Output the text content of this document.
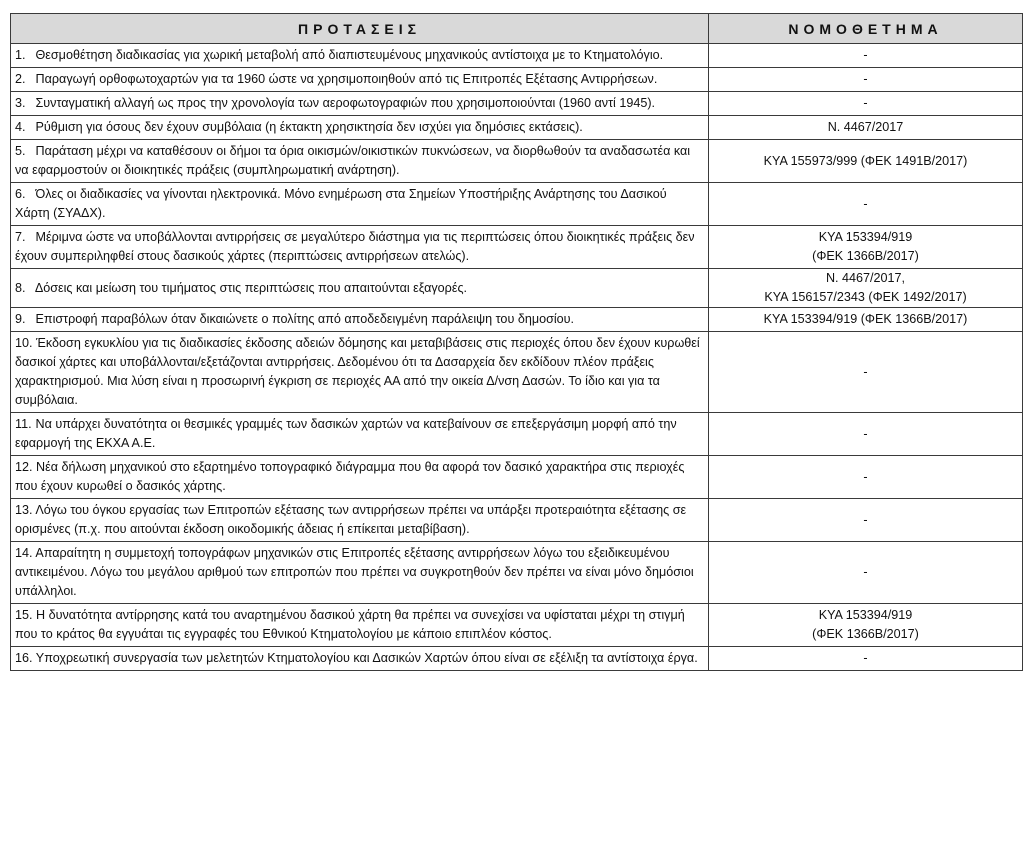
ΠΡΟΤΑΣΕΙΣ	ΝΟΜΟΘΕΤΗΜΑ
1. Θεσμοθέτηση διαδικασίας για χωρική μεταβολή από διαπιστευμένους μηχανικούς αντίστοιχα με το Κτηματολόγιο.	-

2. Παραγωγή ορθοφωτοχαρτών για τα 1960 ώστε να χρησιμοποιηθούν από τις Επιτροπές Εξέτασης Αντιρρήσεων.	-

3. Συνταγματική αλλαγή ως προς την χρονολογία των αεροφωτογραφιών που χρησιμοποιούνται (1960 αντί 1945).	-

4. Ρύθμιση για όσους δεν έχουν συμβόλαια (η έκτακτη χρησικτησία δεν ισχύει για δημόσιες εκτάσεις).	Ν. 4467/2017

5. Παράταση μέχρι να καταθέσουν οι δήμοι τα όρια οικισμών/οικιστικών πυκνώσεων, να διορθωθούν τα αναδασωτέα και να εφαρμοστούν οι διοικητικές πράξεις (συμπληρωματική ανάρτηση).	ΚΥΑ 155973/999 (ΦΕΚ 1491Β/2017)

6. Όλες οι διαδικασίες να γίνονται ηλεκτρονικά. Μόνο ενημέρωση στα Σημείων Υποστήριξης Ανάρτησης του Δασικού Χάρτη (ΣΥΑΔΧ).	-

7. Μέριμνα ώστε να υποβάλλονται αντιρρήσεις σε μεγαλύτερο διάστημα για τις περιπτώσεις όπου διοικητικές πράξεις δεν έχουν συμπεριληφθεί στους δασικούς χάρτες (περιπτώσεις αντιρρήσεων ατελώς).	ΚΥΑ 153394/919
(ΦΕΚ 1366Β/2017)

8. Δόσεις και μείωση του τιμήματος στις περιπτώσεις που απαιτούνται εξαγορές.	Ν. 4467/2017,
ΚΥΑ 156157/2343 (ΦΕΚ 1492/2017)

9. Επιστροφή παραβόλων όταν δικαιώνετε ο πολίτης από αποδεδειγμένη παράλειψη του δημοσίου.	ΚΥΑ 153394/919 (ΦΕΚ 1366Β/2017)

10. Έκδοση εγκυκλίου για τις διαδικασίες έκδοσης αδειών δόμησης και μεταβιβάσεις στις περιοχές όπου δεν έχουν κυρωθεί δασικοί χάρτες και υποβάλλονται/εξετάζονται αντιρρήσεις. Δεδομένου ότι τα Δασαρχεία δεν εκδίδουν πλέον πράξεις χαρακτηρισμού. Μια λύση είναι η προσωρινή έγκριση σε περιοχές ΑΑ από την οικεία Δ/νση Δασών. Το ίδιο και για τα συμβόλαια.	-

11. Να υπάρχει δυνατότητα οι θεσμικές γραμμές των δασικών χαρτών να κατεβαίνουν σε επεξεργάσιμη μορφή από την εφαρμογή της ΕΚΧΑ Α.Ε.	-

12. Νέα δήλωση μηχανικού στο εξαρτημένο τοπογραφικό διάγραμμα που θα αφορά τον δασικό χαρακτήρα στις περιοχές που έχουν κυρωθεί ο δασικός χάρτης.	-

13. Λόγω του όγκου εργασίας των Επιτροπών εξέτασης των αντιρρήσεων πρέπει να υπάρξει προτεραιότητα εξέτασης σε ορισμένες (π.χ. που αιτούνται έκδοση οικοδομικής άδειας ή επίκειται μεταβίβαση).	-

14. Απαραίτητη η συμμετοχή τοπογράφων μηχανικών στις Επιτροπές εξέτασης αντιρρήσεων λόγω του εξειδικευμένου αντικειμένου. Λόγω του μεγάλου αριθμού των επιτροπών που πρέπει να συγκροτηθούν δεν πρέπει να είναι μόνο δημόσιοι υπάλληλοι.	-

15. Η δυνατότητα αντίρρησης κατά του αναρτημένου δασικού χάρτη θα πρέπει να συνεχίσει να υφίσταται μέχρι τη στιγμή που το κράτος θα εγγυάται τις εγγραφές του Εθνικού Κτηματολογίου με κάποιο επιπλέον κόστος.	ΚΥΑ 153394/919
(ΦΕΚ 1366Β/2017)

16. Υποχρεωτική συνεργασία των μελετητών Κτηματολογίου και Δασικών Χαρτών όπου είναι σε εξέλιξη τα αντίστοιχα έργα.	-
